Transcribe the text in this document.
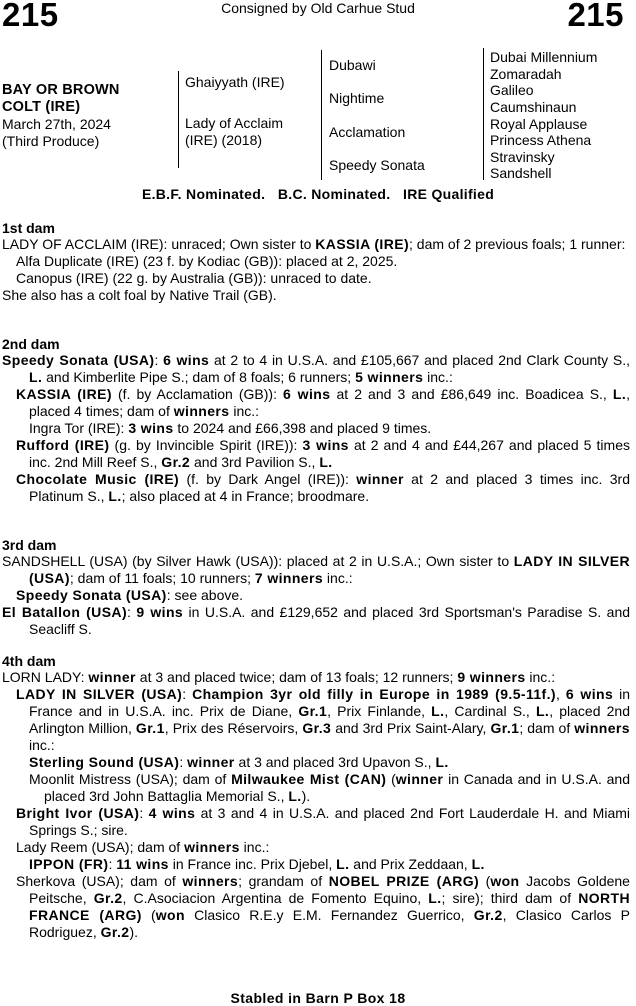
215	215
Consigned by Old Carhue Stud
BAY OR BROWN COLT (IRE)
March 27th, 2024
(Third Produce)
Ghaiyyath (IRE)
Lady of Acclaim (IRE) (2018)
Dubawi
Nightime
Acclamation
Speedy Sonata
Dubai Millennium
Zomaradah
Galileo
Caumshinaun
Royal Applause
Princess Athena
Stravinsky
Sandshell
E.B.F. Nominated.   B.C. Nominated.   IRE Qualified
1st dam

LADY OF ACCLAIM (IRE): unraced; Own sister to KASSIA (IRE); dam of 2 previous foals; 1 runner:

Alfa Duplicate (IRE) (23 f. by Kodiac (GB)): placed at 2, 2025.

Canopus (IRE) (22 g. by Australia (GB)): unraced to date.

She also has a colt foal by Native Trail (GB).

2nd dam

Speedy Sonata (USA): 6 wins at 2 to 4 in U.S.A. and £105,667 and placed 2nd Clark County S., L. and Kimberlite Pipe S.; dam of 8 foals; 6 runners; 5 winners inc.:

KASSIA (IRE) (f. by Acclamation (GB)): 6 wins at 2 and 3 and £86,649 inc. Boadicea S., L., placed 4 times; dam of winners inc.:

Ingra Tor (IRE): 3 wins to 2024 and £66,398 and placed 9 times.

Rufford (IRE) (g. by Invincible Spirit (IRE)): 3 wins at 2 and 4 and £44,267 and placed 5 times inc. 2nd Mill Reef S., Gr.2 and 3rd Pavilion S., L.

Chocolate Music (IRE) (f. by Dark Angel (IRE)): winner at 2 and placed 3 times inc. 3rd Platinum S., L.; also placed at 4 in France; broodmare.

3rd dam

SANDSHELL (USA) (by Silver Hawk (USA)): placed at 2 in U.S.A.; Own sister to LADY IN SILVER (USA); dam of 11 foals; 10 runners; 7 winners inc.:

Speedy Sonata (USA): see above.

El Batallon (USA): 9 wins in U.S.A. and £129,652 and placed 3rd Sportsman's Paradise S. and Seacliff S.

4th dam

LORN LADY: winner at 3 and placed twice; dam of 13 foals; 12 runners; 9 winners inc.:

LADY IN SILVER (USA): Champion 3yr old filly in Europe in 1989 (9.5-11f.), 6 wins in France and in U.S.A. inc. Prix de Diane, Gr.1, Prix Finlande, L., Cardinal S., L., placed 2nd Arlington Million, Gr.1, Prix des Réservoirs, Gr.3 and 3rd Prix Saint-Alary, Gr.1; dam of winners inc.:

Sterling Sound (USA): winner at 3 and placed 3rd Upavon S., L.

Moonlit Mistress (USA); dam of Milwaukee Mist (CAN) (winner in Canada and in U.S.A. and placed 3rd John Battaglia Memorial S., L.).

Bright Ivor (USA): 4 wins at 3 and 4 in U.S.A. and placed 2nd Fort Lauderdale H. and Miami Springs S.; sire.

Lady Reem (USA); dam of winners inc.:

IPPON (FR): 11 wins in France inc. Prix Djebel, L. and Prix Zeddaan, L.

Sherkova (USA); dam of winners; grandam of NOBEL PRIZE (ARG) (won Jacobs Goldene Peitsche, Gr.2, C.Asociacion Argentina de Fomento Equino, L.; sire); third dam of NORTH FRANCE (ARG) (won Clasico R.E.y E.M. Fernandez Guerrico, Gr.2, Clasico Carlos P Rodriguez, Gr.2).

Stabled in Barn P Box 18
